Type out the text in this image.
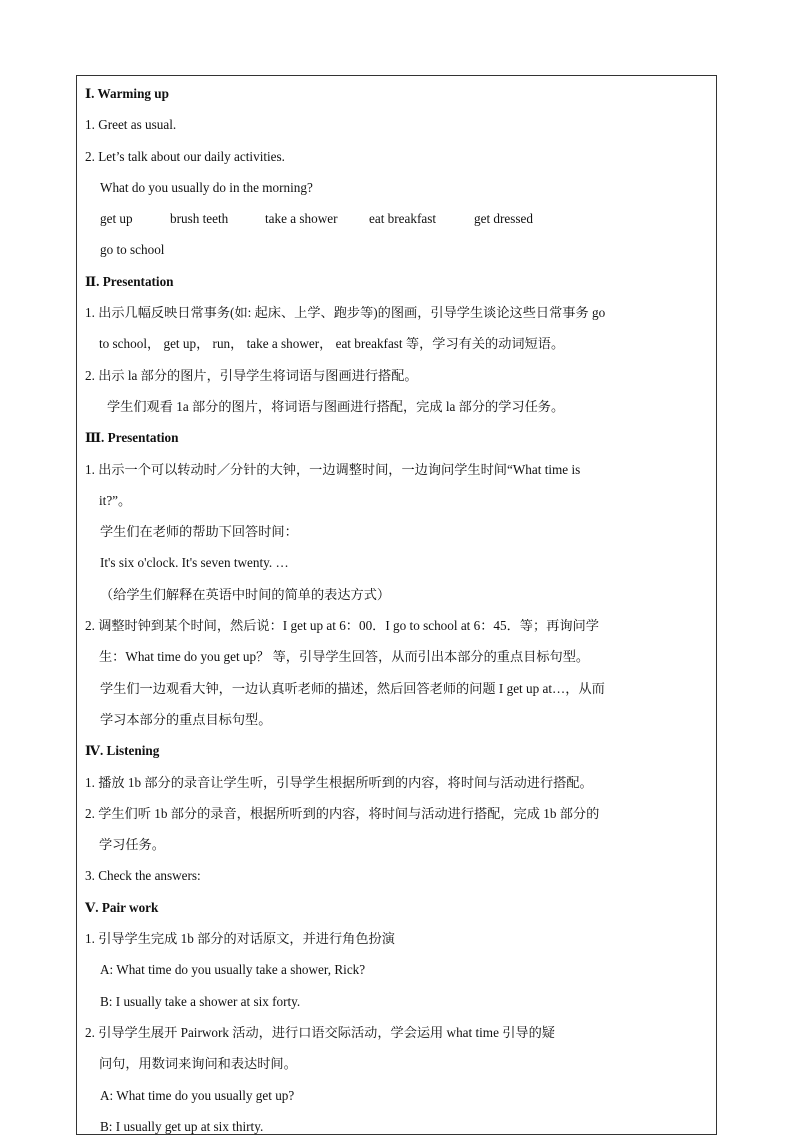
Ⅰ. Warming up
1. Greet as usual.
2. Let’s talk about our daily activities.
What do you usually do in the morning?
get up	brush teeth	take a shower eat breakfast	get dressed
go to school
Ⅱ. Presentation
1. 出示几幅反映日常事务(如: 起床、上学、跑步等)的图画，引导学生谈论这些日常事务 go
to school， get up， run， take a shower， eat breakfast 等，学习有关的动词短语。
2. 出示 la 部分的图片，引导学生将词语与图画进行搭配。
学生们观看 1a 部分的图片，将词语与图画进行搭配，完成 la 部分的学习任务。
Ⅲ. Presentation
1. 出示一个可以转动时／分针的大钟，一边调整时间，一边询问学生时间“What time is
it?”。
学生们在老师的帮助下回答时间：
It's six o'clock. It's seven twenty. …
（给学生们解释在英语中时间的简单的表达方式）
2. 调整时钟到某个时间，然后说：I get up at 6：00．I go to school at 6：45．等；再询问学
生：What time do you get up？ 等，引导学生回答，从而引出本部分的重点目标句型。
学生们一边观看大钟，一边认真听老师的描述，然后回答老师的问题 I get up at…，从而
学习本部分的重点目标句型。
Ⅳ. Listening
1. 播放 1b 部分的录音让学生听，引导学生根据所听到的内容，将时间与活动进行搭配。
2. 学生们听 1b 部分的录音，根据所听到的内容，将时间与活动进行搭配，完成 1b 部分的
学习任务。
3. Check the answers:
Ⅴ. Pair work
1. 引导学生完成 1b 部分的对话原文，并进行角色扮演
A: What time do you usually take a shower, Rick?
B: I usually take a shower at six forty.
2. 引导学生展开 Pairwork 活动，进行口语交际活动，学会运用 what time 引导的疑
问句，用数词来询问和表达时间。
A: What time do you usually get up?
B: I usually get up at six thirty.
